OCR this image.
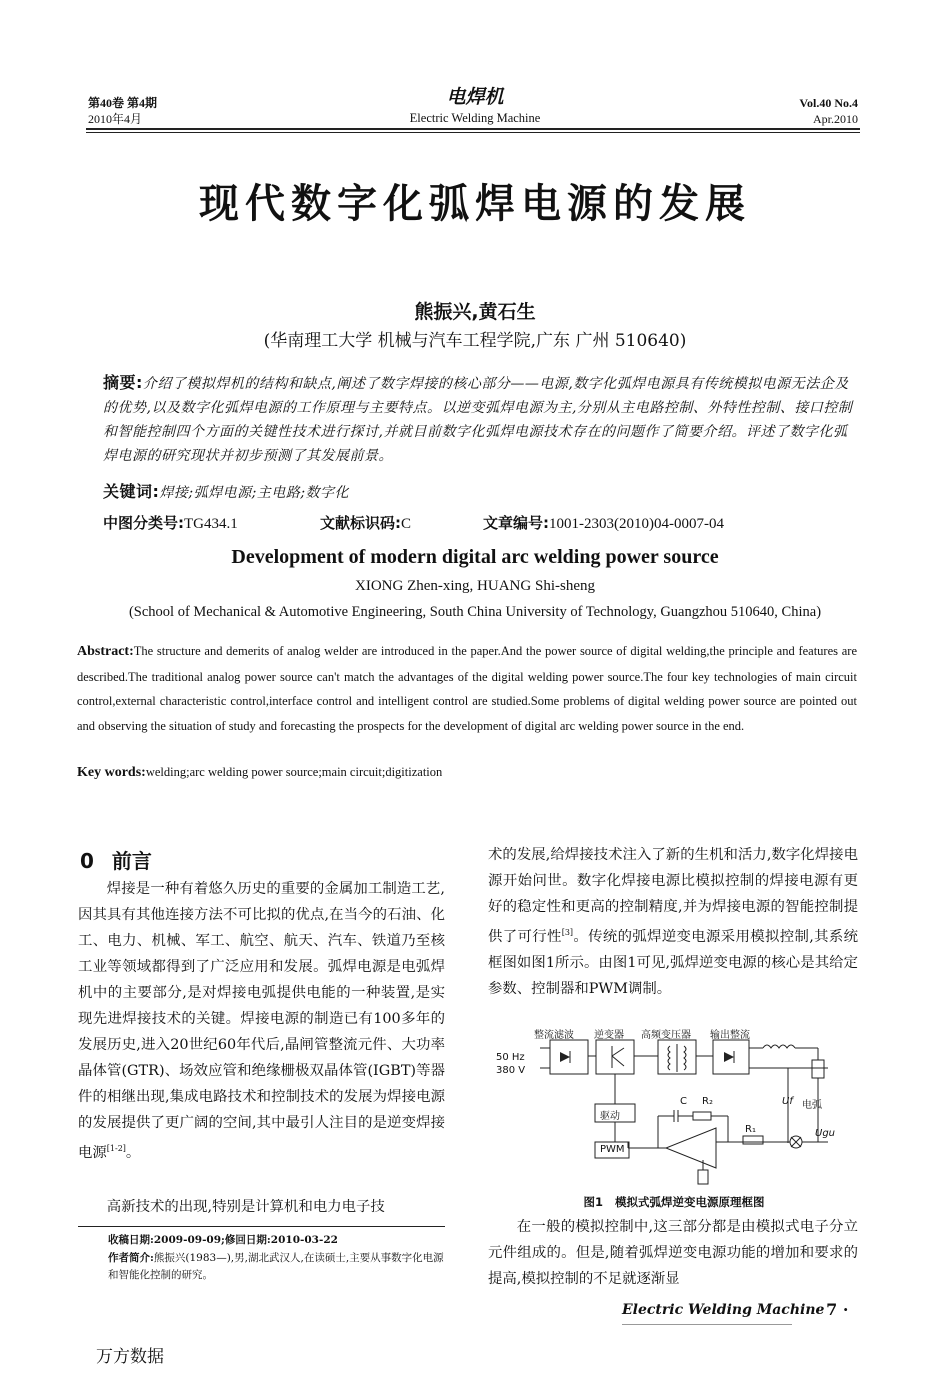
第40卷 第4期
2010年4月
电焊机
Electric Welding Machine
Vol.40 No.4
Apr.2010
现代数字化弧焊电源的发展
熊振兴,黄石生
(华南理工大学 机械与汽车工程学院,广东 广州 510640)
摘要:介绍了模拟焊机的结构和缺点,阐述了数字焊接的核心部分——电源,数字化弧焊电源具有传统模拟电源无法企及的优势,以及数字化弧焊电源的工作原理与主要特点。以逆变弧焊电源为主,分别从主电路控制、外特性控制、接口控制和智能控制四个方面的关键性技术进行探讨,并就目前数字化弧焊电源技术存在的问题作了简要介绍。评述了数字化弧焊电源的研究现状并初步预测了其发展前景。
关键词:焊接;弧焊电源;主电路;数字化
中图分类号:TG434.1	文献标识码:C	文章编号:1001-2303(2010)04-0007-04
Development of modern digital arc welding power source
XIONG Zhen-xing, HUANG Shi-sheng
(School of Mechanical & Automotive Engineering, South China University of Technology, Guangzhou 510640, China)
Abstract:The structure and demerits of analog welder are introduced in the paper.And the power source of digital welding,the principle and features are described.The traditional analog power source can't match the advantages of the digital welding power source.The four key technologies of main circuit control,external characteristic control,interface control and intelligent control are studied.Some problems of digital welding power source are pointed out and observing the situation of study and forecasting the prospects for the development of digital arc welding power source in the end.
Key words:welding;arc welding power source;main circuit;digitization
0 前言
焊接是一种有着悠久历史的重要的金属加工制造工艺,因其具有其他连接方法不可比拟的优点,在当今的石油、化工、电力、机械、军工、航空、航天、汽车、铁道乃至核工业等领域都得到了广泛应用和发展。弧焊电源是电弧焊机中的主要部分,是对焊接电弧提供电能的一种装置,是实现先进焊接技术的关键。焊接电源的制造已有100多年的发展历史,进入20世纪60年代后,晶闸管整流元件、大功率晶体管(GTR)、场效应管和绝缘栅极双晶体管(IGBT)等器件的相继出现,集成电路技术和控制技术的发展为焊接电源的发展提供了更广阔的空间,其中最引人注目的是逆变焊接电源[1-2]。
高新技术的出现,特别是计算机和电力电子技
收稿日期:2009-09-09;修回日期:2010-03-22
作者简介:熊振兴(1983—),男,湖北武汉人,在读硕士,主要从事数字化电源和智能化控制的研究。
术的发展,给焊接技术注入了新的生机和活力,数字化焊接电源开始问世。数字化焊接电源比模拟控制的焊接电源有更好的稳定性和更高的控制精度,并为焊接电源的智能控制提供了可行性[3]。传统的弧焊逆变电源采用模拟控制,其系统框图如图1所示。由图1可见,弧焊逆变电源的核心是其给定参数、控制器和PWM调制。
整流滤波 逆变器 高频变压器 输出整流
50 Hz
380 V
驱动
PWM
C R₂
R₁
Uf 电弧
Ugu
图1 模拟式弧焊逆变电源原理框图
在一般的模拟控制中,这三部分都是由模拟式电子分立元件组成的。但是,随着弧焊逆变电源功能的增加和要求的提高,模拟控制的不足就逐渐显
Electric Welding Machine
· 7 ·
万方数据
